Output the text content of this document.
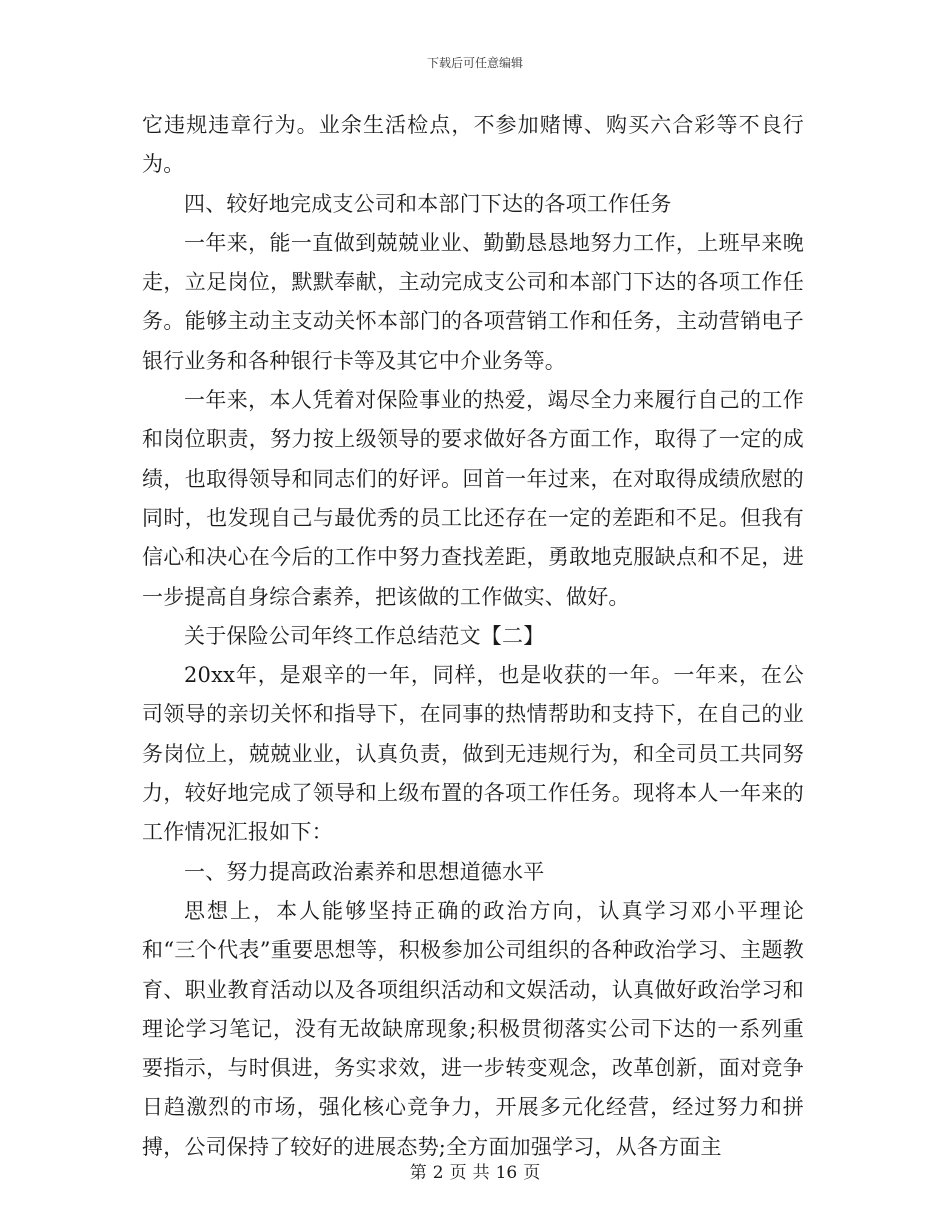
下载后可任意编辑

它违规违章行为。业余生活检点，不参加赌博、购买六合彩等不良行为。

四、较好地完成支公司和本部门下达的各项工作任务

一年来，能一直做到兢兢业业、勤勤恳恳地努力工作，上班早来晚走，立足岗位，默默奉献，主动完成支公司和本部门下达的各项工作任务。能够主动主支动关怀本部门的各项营销工作和任务，主动营销电子银行业务和各种银行卡等及其它中介业务等。

一年来，本人凭着对保险事业的热爱，竭尽全力来履行自己的工作和岗位职责，努力按上级领导的要求做好各方面工作，取得了一定的成绩，也取得领导和同志们的好评。回首一年过来，在对取得成绩欣慰的同时，也发现自己与最优秀的员工比还存在一定的差距和不足。但我有信心和决心在今后的工作中努力查找差距，勇敢地克服缺点和不足，进一步提高自身综合素养，把该做的工作做实、做好。

关于保险公司年终工作总结范文【二】

20xx年，是艰辛的一年，同样，也是收获的一年。一年来，在公司领导的亲切关怀和指导下，在同事的热情帮助和支持下，在自己的业务岗位上，兢兢业业，认真负责，做到无违规行为，和全司员工共同努力，较好地完成了领导和上级布置的各项工作任务。现将本人一年来的工作情况汇报如下：

一、努力提高政治素养和思想道德水平

思想上，本人能够坚持正确的政治方向，认真学习邓小平理论和“三个代表”重要思想等，积极参加公司组织的各种政治学习、主题教育、职业教育活动以及各项组织活动和文娱活动，认真做好政治学习和理论学习笔记，没有无故缺席现象;积极贯彻落实公司下达的一系列重要指示，与时俱进，务实求效，进一步转变观念，改革创新，面对竞争日趋激烈的市场，强化核心竞争力，开展多元化经营，经过努力和拼搏，公司保持了较好的进展态势;全方面加强学习，从各方面主

第 2 页 共 16 页
